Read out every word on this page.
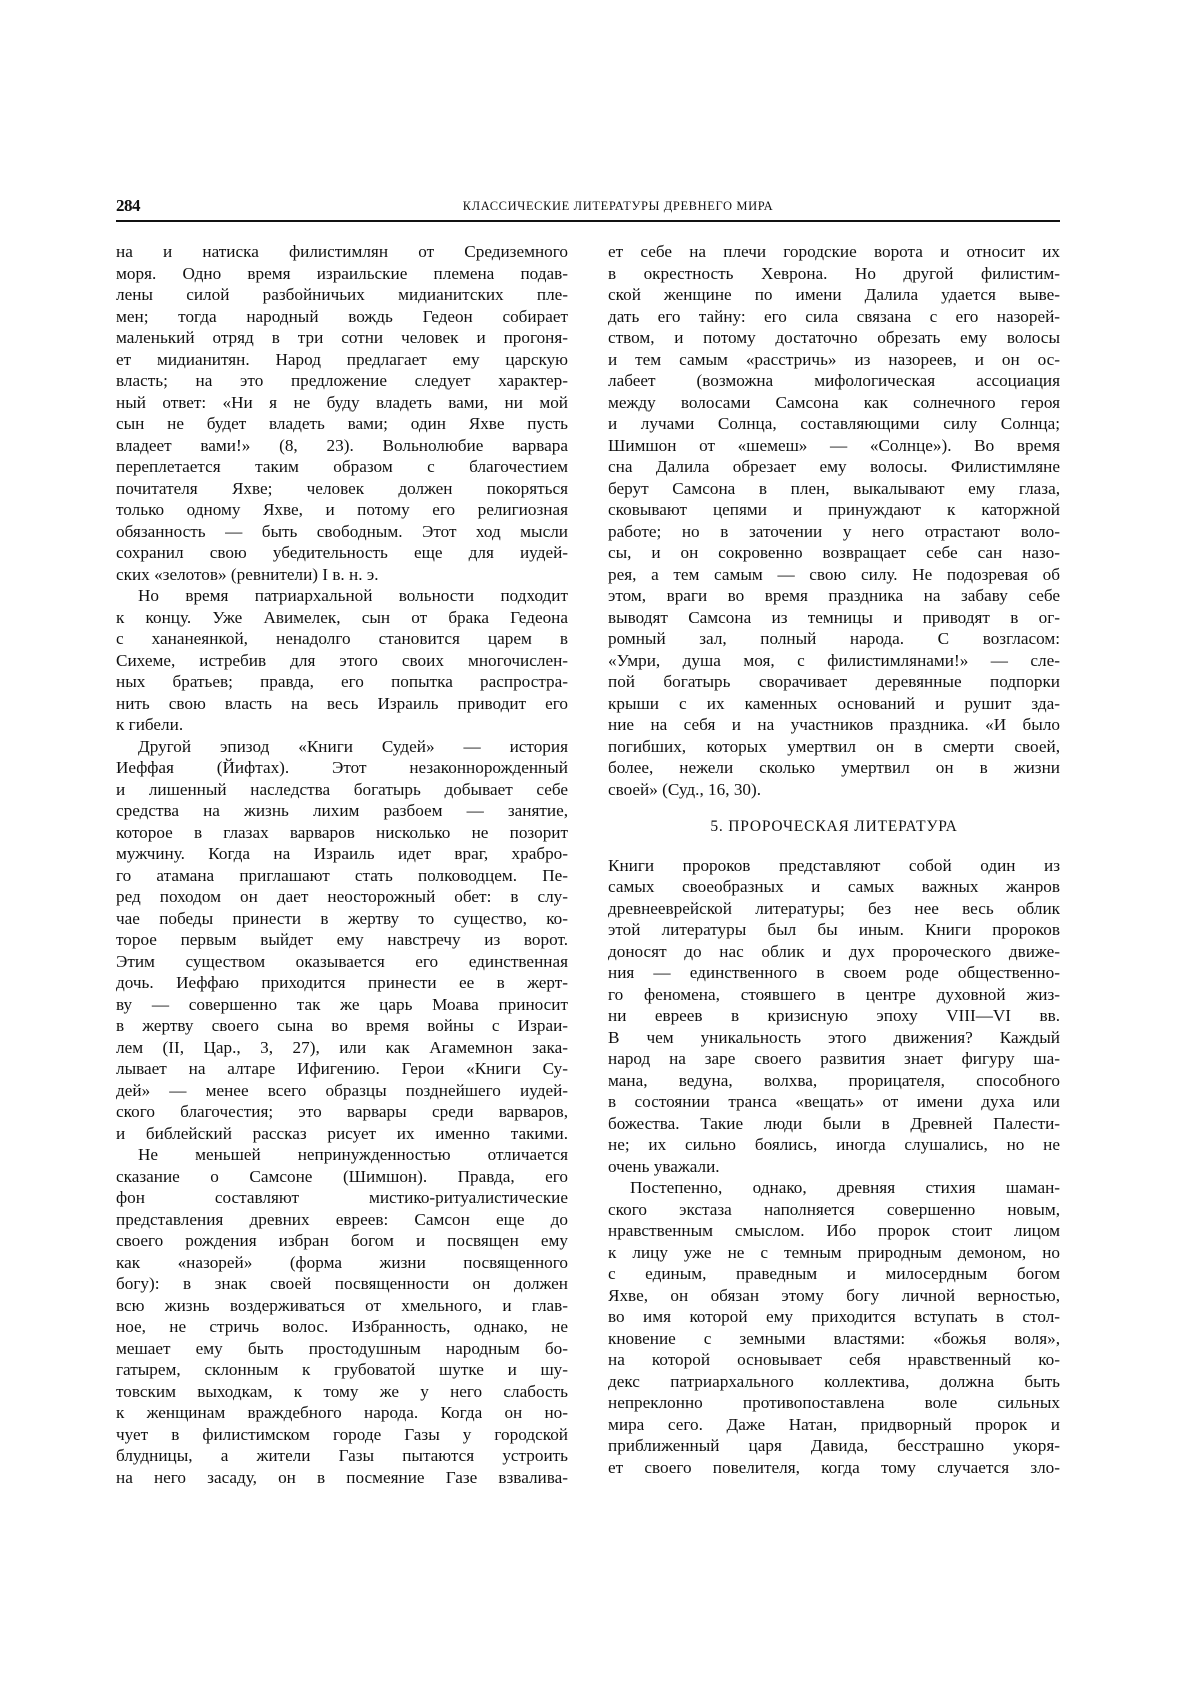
284	КЛАССИЧЕСКИЕ ЛИТЕРАТУРЫ ДРЕВНЕГО МИРА
на и натиска филистимлян от Средиземного
моря. Одно время израильские племена подав-
лены силой разбойничьих мидианитских пле-
мен; тогда народный вождь Гедеон собирает
маленький отряд в три сотни человек и прогоня-
ет мидианитян. Народ предлагает ему царскую
власть; на это предложение следует характер-
ный ответ: «Ни я не буду владеть вами, ни мой
сын не будет владеть вами; один Яхве пусть
владеет вами!» (8, 23). Вольнолюбие варвара
переплетается таким образом с благочестием
почитателя Яхве; человек должен покоряться
только одному Яхве, и потому его религиозная
обязанность — быть свободным. Этот ход мысли
сохранил свою убедительность еще для иудей-
ских «зелотов» (ревнители) I в. н. э.
Но время патриархальной вольности подходит
к концу. Уже Авимелек, сын от брака Гедеона
с хананеянкой, ненадолго становится царем в
Сихеме, истребив для этого своих многочислен-
ных братьев; правда, его попытка распростра-
нить свою власть на весь Израиль приводит его
к гибели.
Другой эпизод «Книги Судей» — история
Иеффая (Йифтах). Этот незаконнорожденный
и лишенный наследства богатырь добывает себе
средства на жизнь лихим разбоем — занятие,
которое в глазах варваров нисколько не позорит
мужчину. Когда на Израиль идет враг, храбро-
го атамана приглашают стать полководцем. Пе-
ред походом он дает неосторожный обет: в слу-
чае победы принести в жертву то существо, ко-
торое первым выйдет ему навстречу из ворот.
Этим существом оказывается его единственная
дочь. Иеффаю приходится принести ее в жерт-
ву — совершенно так же царь Моава приносит
в жертву своего сына во время войны с Израи-
лем (II, Цар., 3, 27), или как Агамемнон зака-
лывает на алтаре Ифигению. Герои «Книги Су-
дей» — менее всего образцы позднейшего иудей-
ского благочестия; это варвары среди варваров,
и библейский рассказ рисует их именно такими.
Не меньшей непринужденностью отличается
сказание о Самсоне (Шимшон). Правда, его
фон составляют мистико-ритуалистические
представления древних евреев: Самсон еще до
своего рождения избран богом и посвящен ему
как «назорей» (форма жизни посвященного
богу): в знак своей посвященности он должен
всю жизнь воздерживаться от хмельного, и глав-
ное, не стричь волос. Избранность, однако, не
мешает ему быть простодушным народным бо-
гатырем, склонным к грубоватой шутке и шу-
товским выходкам, к тому же у него слабость
к женщинам враждебного народа. Когда он но-
чует в филистимском городе Газы у городской
блудницы, а жители Газы пытаются устроить
на него засаду, он в посмеяние Газе взвалива-
ет себе на плечи городские ворота и относит их
в окрестность Хеврона. Но другой филистим-
ской женщине по имени Далила удается выве-
дать его тайну: его сила связана с его назорей-
ством, и потому достаточно обрезать ему волосы
и тем самым «расстричь» из назореев, и он ос-
лабеет (возможна мифологическая ассоциация
между волосами Самсона как солнечного героя
и лучами Солнца, составляющими силу Солнца;
Шимшон от «шемеш» — «Солнце»). Во время
сна Далила обрезает ему волосы. Филистимляне
берут Самсона в плен, выкалывают ему глаза,
сковывают цепями и принуждают к каторжной
работе; но в заточении у него отрастают воло-
сы, и он сокровенно возвращает себе сан назо-
рея, а тем самым — свою силу. Не подозревая об
этом, враги во время праздника на забаву себе
выводят Самсона из темницы и приводят в ог-
ромный зал, полный народа. С возгласом:
«Умри, душа моя, с филистимлянами!» — сле-
пой богатырь сворачивает деревянные подпорки
крыши с их каменных оснований и рушит зда-
ние на себя и на участников праздника. «И было
погибших, которых умертвил он в смерти своей,
более, нежели сколько умертвил он в жизни
своей» (Суд., 16, 30).
5. ПРОРОЧЕСКАЯ ЛИТЕРАТУРА
Книги пророков представляют собой один из
самых своеобразных и самых важных жанров
древнееврейской литературы; без нее весь облик
этой литературы был бы иным. Книги пророков
доносят до нас облик и дух пророческого движе-
ния — единственного в своем роде общественно-
го феномена, стоявшего в центре духовной жиз-
ни евреев в кризисную эпоху VIII—VI вв.
В чем уникальность этого движения? Каждый
народ на заре своего развития знает фигуру ша-
мана, ведуна, волхва, прорицателя, способного
в состоянии транса «вещать» от имени духа или
божества. Такие люди были в Древней Палести-
не; их сильно боялись, иногда слушались, но не
очень уважали.
Постепенно, однако, древняя стихия шаман-
ского экстаза наполняется совершенно новым,
нравственным смыслом. Ибо пророк стоит лицом
к лицу уже не с темным природным демоном, но
с единым, праведным и милосердным богом
Яхве, он обязан этому богу личной верностью,
во имя которой ему приходится вступать в стол-
кновение с земными властями: «божья воля»,
на которой основывает себя нравственный ко-
декс патриархального коллектива, должна быть
непреклонно противопоставлена воле сильных
мира сего. Даже Натан, придворный пророк и
приближенный царя Давида, бесстрашно укоря-
ет своего повелителя, когда тому случается зло-
